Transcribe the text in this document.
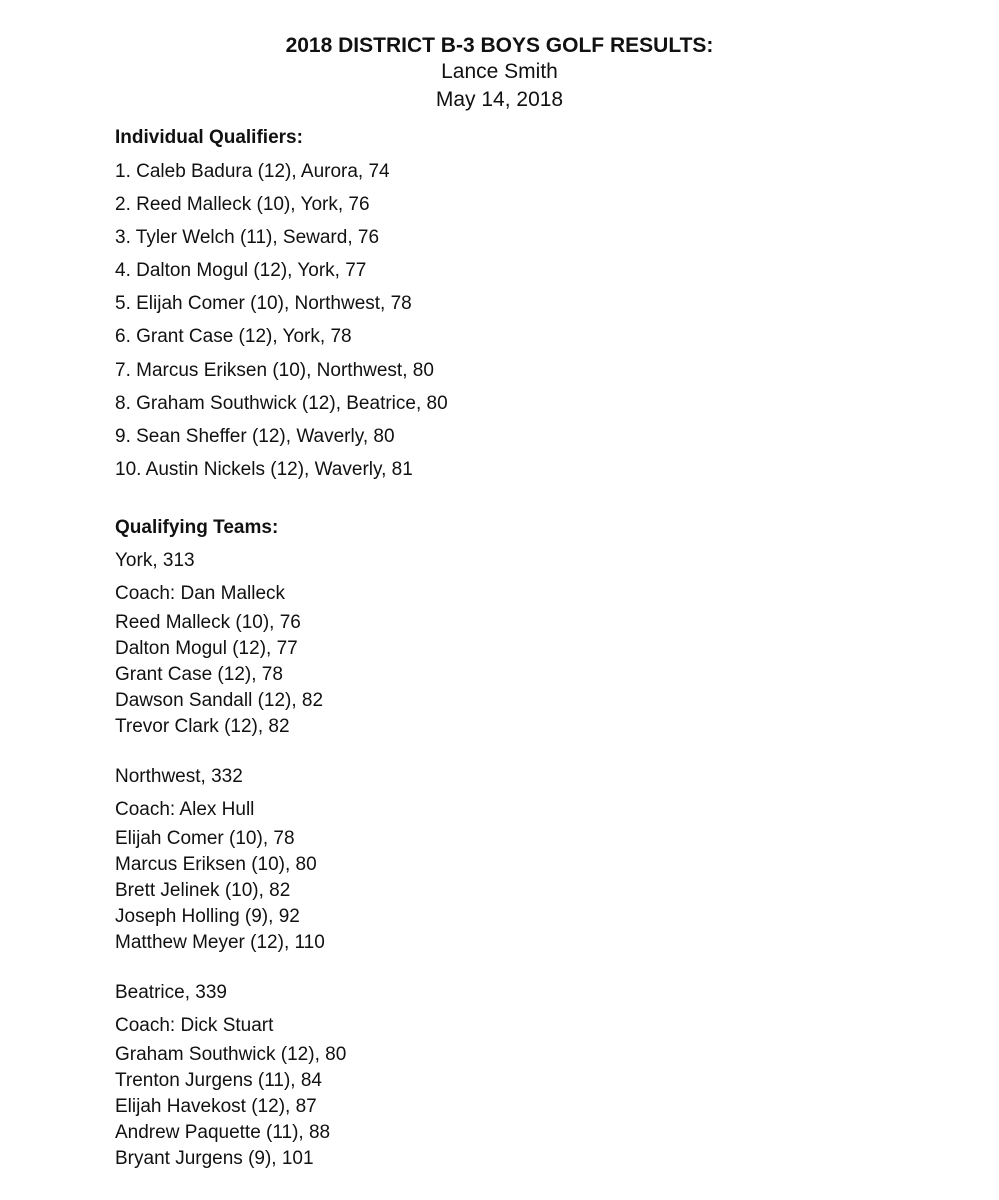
2018 DISTRICT B-3 BOYS GOLF RESULTS:
Lance Smith
May 14, 2018
Individual Qualifiers:
1. Caleb Badura (12), Aurora, 74
2. Reed Malleck (10), York, 76
3. Tyler Welch (11), Seward, 76
4. Dalton Mogul (12), York, 77
5. Elijah Comer (10), Northwest, 78
6. Grant Case (12), York, 78
7. Marcus Eriksen (10), Northwest, 80
8. Graham Southwick (12), Beatrice, 80
9. Sean Sheffer (12), Waverly, 80
10. Austin Nickels (12), Waverly, 81
Qualifying Teams:
York, 313
Coach: Dan Malleck
Reed Malleck (10), 76
Dalton Mogul (12), 77
Grant Case (12), 78
Dawson Sandall (12), 82
Trevor Clark (12), 82
Northwest, 332
Coach: Alex Hull
Elijah Comer (10), 78
Marcus Eriksen (10), 80
Brett Jelinek (10), 82
Joseph Holling (9), 92
Matthew Meyer (12), 110
Beatrice, 339
Coach: Dick Stuart
Graham Southwick (12), 80
Trenton Jurgens (11), 84
Elijah Havekost (12), 87
Andrew Paquette (11), 88
Bryant Jurgens (9), 101
